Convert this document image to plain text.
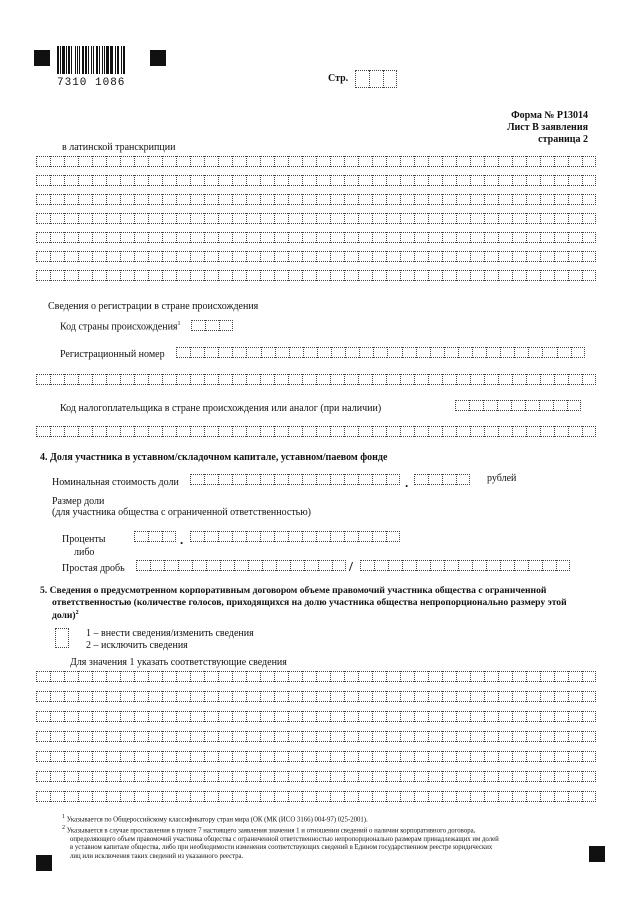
7310 1086	Стр.
Форма № Р13014
Лист В заявления
страница 2
в латинской транскрипции
Сведения о регистрации в стране происхождения
Код страны происхождения$^1$
Регистрационный номер
Код налогоплательщика в стране происхождения или аналог (при наличии)
4. Доля участника в уставном/складочном капитале, уставном/паевом фонде
Номинальная стоимость доли	.	рублей
Размер доли
(для участника общества с ограниченной ответственностью)
Проценты	.
либо
Простая дробь	/
5. Сведения о предусмотренном корпоративным договором объеме правомочий участника общества с ограниченной
ответственностью (количестве голосов, приходящихся на долю участника общества непропорционально размеру этой
доли)$^2$
1 – внести сведения/изменить сведения
2 – исключить сведения
Для значения 1 указать соответствующие сведения
$^1$ Указывается по Общероссийскому классификатору стран мира (ОК (МК (ИСО 3166) 004-97) 025-2001).
$^2$ Указывается в случае проставления в пункте 7 настоящего заявления значения 1 и отношении сведений о наличии корпоративного договора,
определяющего объем правомочий участника общества с ограниченной ответственностью непропорционально размерам принадлежащих им долей
в уставном капитале общества, либо при необходимости изменения соответствующих сведений в Едином государственном реестре юридических
лиц или исключения таких сведений из указанного реестра.
